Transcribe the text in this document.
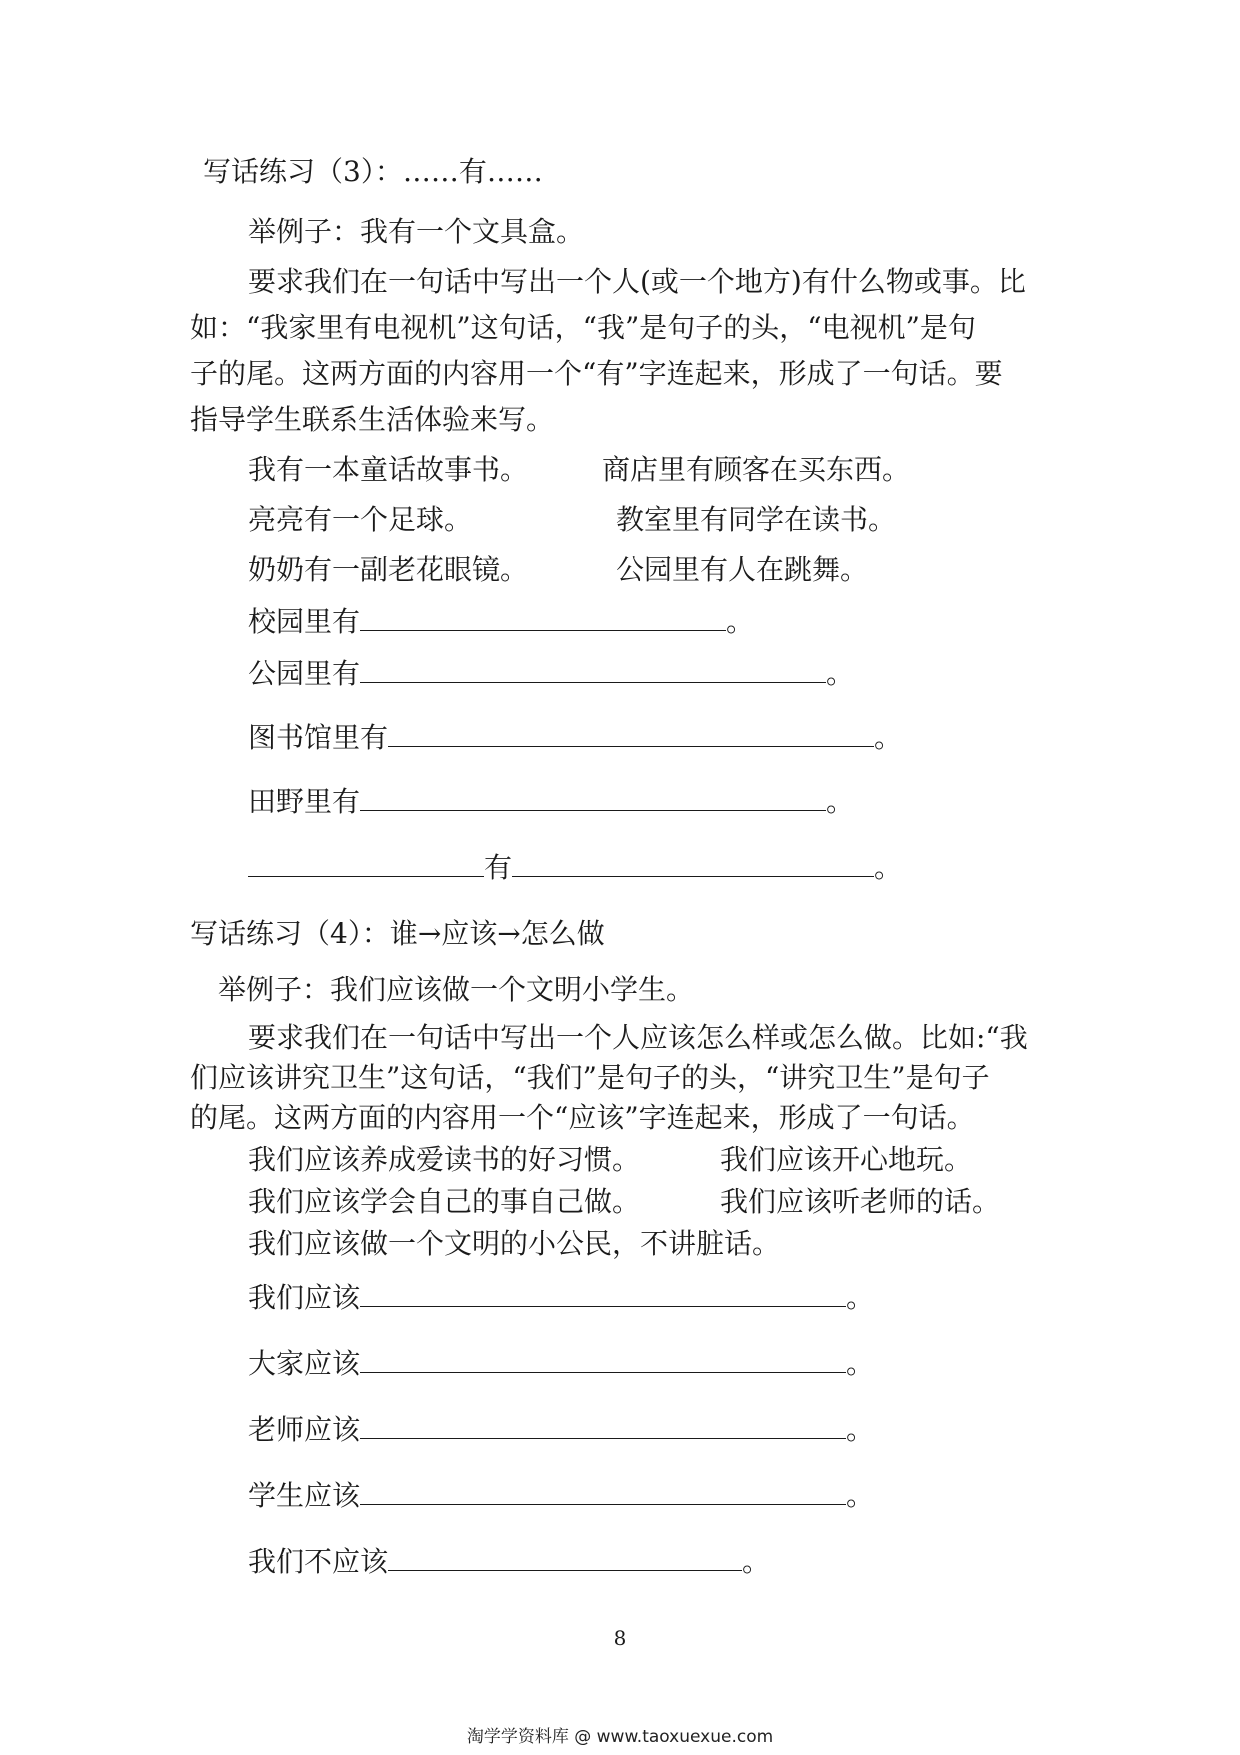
写话练习（3）：……有……
举例子：我有一个文具盒。
要求我们在一句话中写出一个人(或一个地方)有什么物或事。比
如：“我家里有电视机”这句话，“我”是句子的头，“电视机”是句
子的尾。这两方面的内容用一个“有”字连起来，形成了一句话。要
指导学生联系生活体验来写。
我有一本童话故事书。	商店里有顾客在买东西。
亮亮有一个足球。	教室里有同学在读书。
奶奶有一副老花眼镜。	公园里有人在跳舞。
校园里有	。
公园里有	。
图书馆里有	。
田野里有	。
有	。
写话练习（4）：谁→应该→怎么做
举例子：我们应该做一个文明小学生。
要求我们在一句话中写出一个人应该怎么样或怎么做。比如:“我
们应该讲究卫生”这句话，“我们”是句子的头，“讲究卫生”是句子
的尾。这两方面的内容用一个“应该”字连起来，形成了一句话。
我们应该养成爱读书的好习惯。	我们应该开心地玩。
我们应该学会自己的事自己做。	我们应该听老师的话。
我们应该做一个文明的小公民，不讲脏话。
我们应该	。
大家应该	。
老师应该	。
学生应该	。
我们不应该	。
8
淘学学资料库 @ www.taoxuexue.com
